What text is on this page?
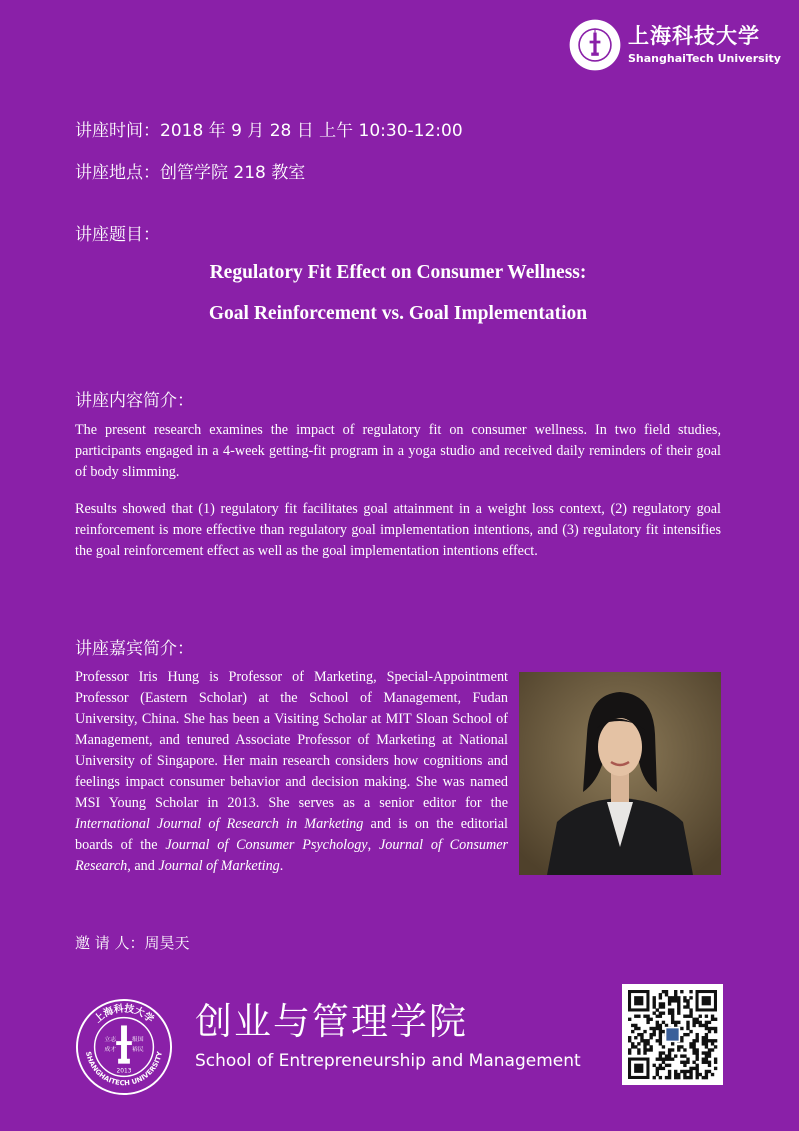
上海科技大学
ShanghaiTech University
讲座时间：2018 年 9 月 28 日 上午 10:30-12:00
讲座地点：创管学院 218 教室
讲座题目：
Regulatory Fit Effect on Consumer Wellness:
Goal Reinforcement vs. Goal Implementation
讲座内容简介：
The present research examines the impact of regulatory fit on consumer wellness. In two field studies, participants engaged in a 4-week getting-fit program in a yoga studio and received daily reminders of their goal of body slimming.
Results showed that (1) regulatory fit facilitates goal attainment in a weight loss context, (2) regulatory goal reinforcement is more effective than regulatory goal implementation intentions, and (3) regulatory fit intensifies the goal reinforcement effect as well as the goal implementation intentions effect.
讲座嘉宾简介：
Professor Iris Hung is Professor of Marketing, Special-Appointment Professor (Eastern Scholar) at the School of Management, Fudan University, China. She has been a Visiting Scholar at MIT Sloan School of Management, and tenured Associate Professor of Marketing at National University of Singapore. Her main research considers how cognitions and feelings impact consumer behavior and decision making. She was named MSI Young Scholar in 2013. She serves as a senior editor for the International Journal of Research in Marketing and is on the editorial boards of the Journal of Consumer Psychology, Journal of Consumer Research, and Journal of Marketing.
邀 请 人：周昊天
上海科技大学
SHANGHAITECH UNIVERSITY
立志
成才
报国
裕民
2013
创业与管理学院
School of Entrepreneurship and Management
